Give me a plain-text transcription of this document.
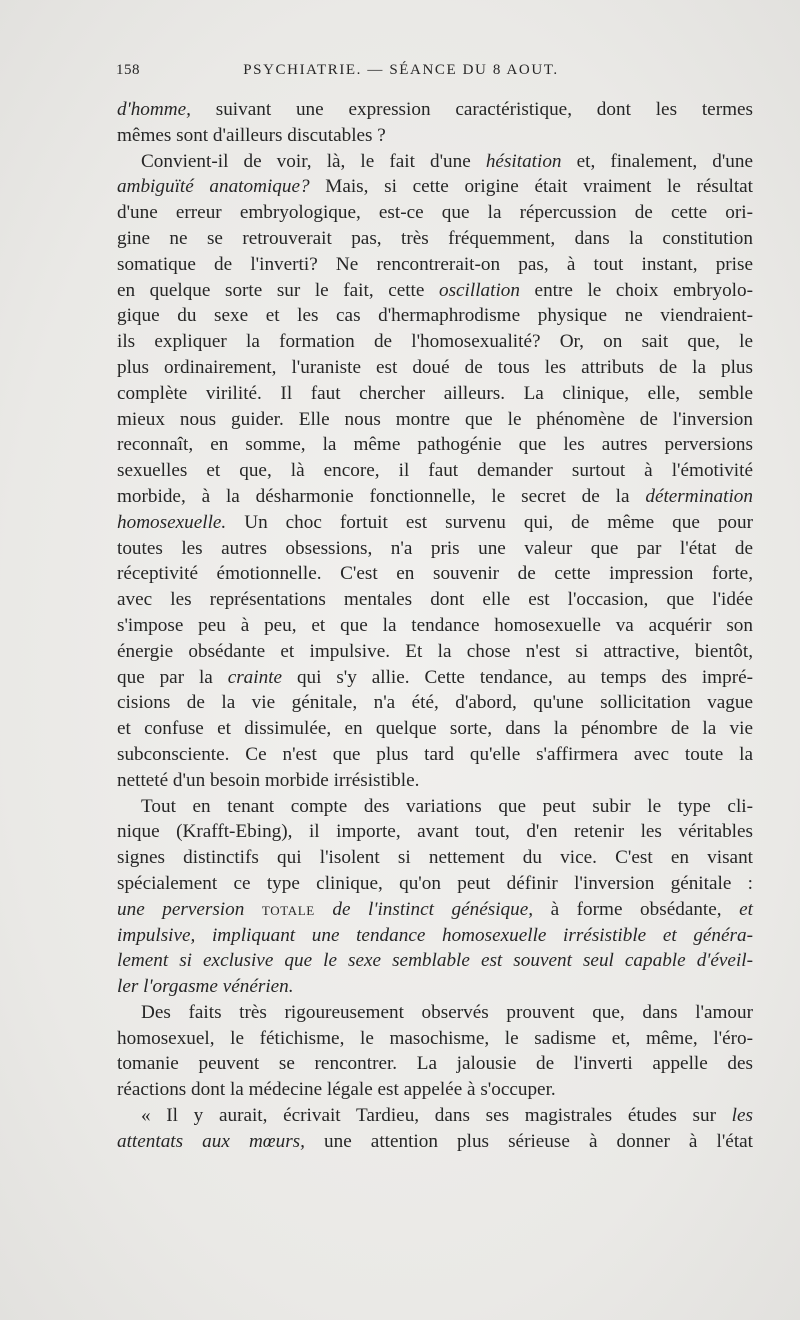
158	PSYCHIATRIE. — SÉANCE DU 8 AOUT.
d'homme, suivant une expression caractéristique, dont les termes
mêmes sont d'ailleurs discutables ?
Convient-il de voir, là, le fait d'une hésitation et, finalement, d'une
ambiguïté anatomique? Mais, si cette origine était vraiment le résultat
d'une erreur embryologique, est-ce que la répercussion de cette ori-
gine ne se retrouverait pas, très fréquemment, dans la constitution
somatique de l'inverti? Ne rencontrerait-on pas, à tout instant, prise
en quelque sorte sur le fait, cette oscillation entre le choix embryolo-
gique du sexe et les cas d'hermaphrodisme physique ne viendraient-
ils expliquer la formation de l'homosexualité? Or, on sait que, le
plus ordinairement, l'uraniste est doué de tous les attributs de la plus
complète virilité. Il faut chercher ailleurs. La clinique, elle, semble
mieux nous guider. Elle nous montre que le phénomène de l'inversion
reconnaît, en somme, la même pathogénie que les autres perversions
sexuelles et que, là encore, il faut demander surtout à l'émotivité
morbide, à la désharmonie fonctionnelle, le secret de la détermination
homosexuelle. Un choc fortuit est survenu qui, de même que pour
toutes les autres obsessions, n'a pris une valeur que par l'état de
réceptivité émotionnelle. C'est en souvenir de cette impression forte,
avec les représentations mentales dont elle est l'occasion, que l'idée
s'impose peu à peu, et que la tendance homosexuelle va acquérir son
énergie obsédante et impulsive. Et la chose n'est si attractive, bientôt,
que par la crainte qui s'y allie. Cette tendance, au temps des impré-
cisions de la vie génitale, n'a été, d'abord, qu'une sollicitation vague
et confuse et dissimulée, en quelque sorte, dans la pénombre de la vie
subconsciente. Ce n'est que plus tard qu'elle s'affirmera avec toute la
netteté d'un besoin morbide irrésistible.
Tout en tenant compte des variations que peut subir le type cli-
nique (Krafft-Ebing), il importe, avant tout, d'en retenir les véritables
signes distinctifs qui l'isolent si nettement du vice. C'est en visant
spécialement ce type clinique, qu'on peut définir l'inversion génitale :
une perversion totale de l'instinct génésique, à forme obsédante, et
impulsive, impliquant une tendance homosexuelle irrésistible et généra-
lement si exclusive que le sexe semblable est souvent seul capable d'éveil-
ler l'orgasme vénérien.
Des faits très rigoureusement observés prouvent que, dans l'amour
homosexuel, le fétichisme, le masochisme, le sadisme et, même, l'éro-
tomanie peuvent se rencontrer. La jalousie de l'inverti appelle des
réactions dont la médecine légale est appelée à s'occuper.
« Il y aurait, écrivait Tardieu, dans ses magistrales études sur les
attentats aux mœurs, une attention plus sérieuse à donner à l'état
